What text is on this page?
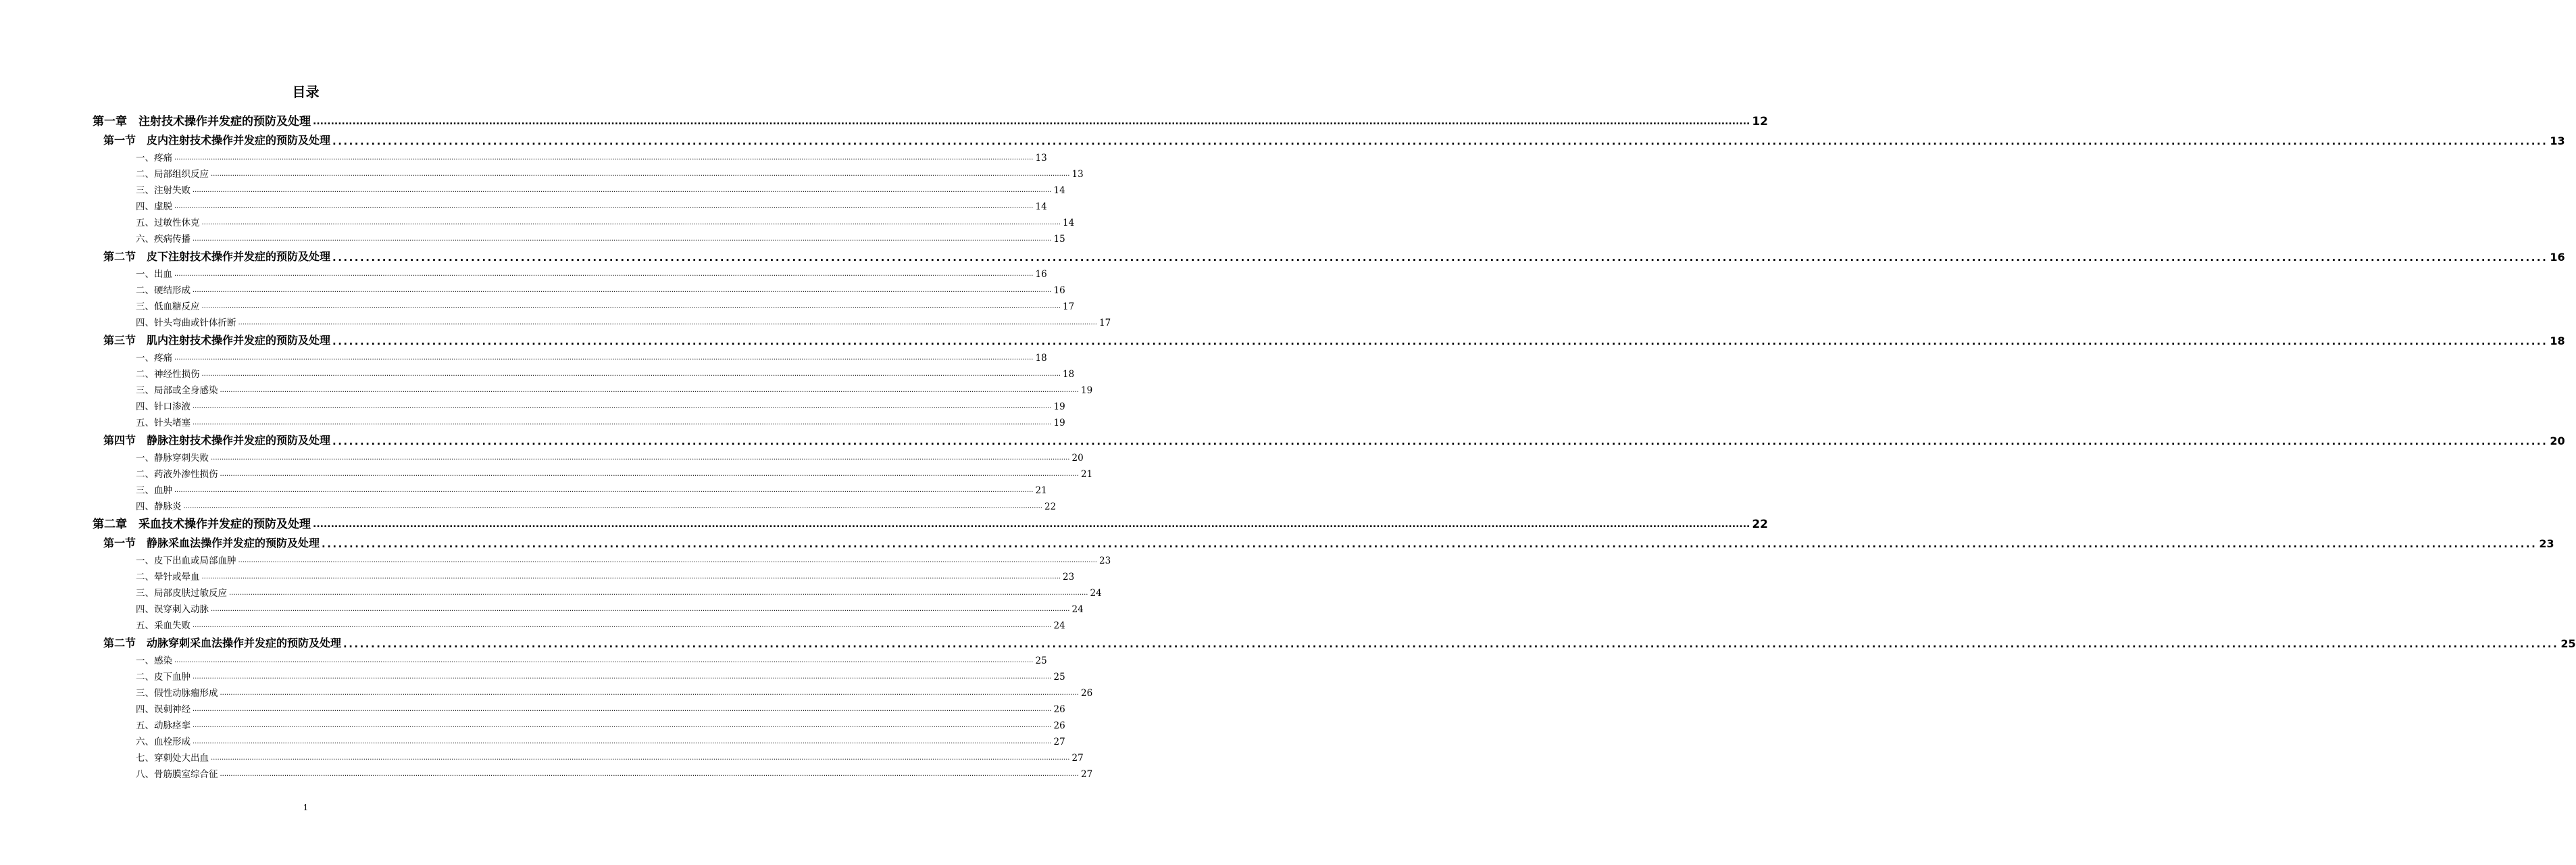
目录
第一章　注射技术操作并发症的预防及处理 ................................................................................................................................................................................................................................................................................................................................................................................................................ 12
第一节　皮内注射技术操作并发症的预防及处理 ................................................................................................................................................................................................................................................................................................................................................................................................................ 13
一、疼痛 ................................................................................................................................................................................................................................................................................................................................................................................................................ 13
二、局部组织反应 ................................................................................................................................................................................................................................................................................................................................................................................................................ 13
三、注射失败 ................................................................................................................................................................................................................................................................................................................................................................................................................ 14
四、虚脱 ................................................................................................................................................................................................................................................................................................................................................................................................................ 14
五、过敏性休克 ................................................................................................................................................................................................................................................................................................................................................................................................................ 14
六、疾病传播 ................................................................................................................................................................................................................................................................................................................................................................................................................ 15
第二节　皮下注射技术操作并发症的预防及处理 ................................................................................................................................................................................................................................................................................................................................................................................................................ 16
一、出血 ................................................................................................................................................................................................................................................................................................................................................................................................................ 16
二、硬结形成 ................................................................................................................................................................................................................................................................................................................................................................................................................ 16
三、低血糖反应 ................................................................................................................................................................................................................................................................................................................................................................................................................ 17
四、针头弯曲或针体折断 ................................................................................................................................................................................................................................................................................................................................................................................................................ 17
第三节　肌内注射技术操作并发症的预防及处理 ................................................................................................................................................................................................................................................................................................................................................................................................................ 18
一、疼痛 ................................................................................................................................................................................................................................................................................................................................................................................................................ 18
二、神经性损伤 ................................................................................................................................................................................................................................................................................................................................................................................................................ 18
三、局部或全身感染 ................................................................................................................................................................................................................................................................................................................................................................................................................ 19
四、针口渗液 ................................................................................................................................................................................................................................................................................................................................................................................................................ 19
五、针头堵塞 ................................................................................................................................................................................................................................................................................................................................................................................................................ 19
第四节　静脉注射技术操作并发症的预防及处理 ................................................................................................................................................................................................................................................................................................................................................................................................................ 20
一、静脉穿刺失败 ................................................................................................................................................................................................................................................................................................................................................................................................................ 20
二、药液外渗性损伤 ................................................................................................................................................................................................................................................................................................................................................................................................................ 21
三、血肿 ................................................................................................................................................................................................................................................................................................................................................................................................................ 21
四、静脉炎 ................................................................................................................................................................................................................................................................................................................................................................................................................ 22
第二章　采血技术操作并发症的预防及处理 ................................................................................................................................................................................................................................................................................................................................................................................................................ 22
第一节　静脉采血法操作并发症的预防及处理 ................................................................................................................................................................................................................................................................................................................................................................................................................ 23
一、皮下出血或局部血肿 ................................................................................................................................................................................................................................................................................................................................................................................................................ 23
二、晕针或晕血 ................................................................................................................................................................................................................................................................................................................................................................................................................ 23
三、局部皮肤过敏反应 ................................................................................................................................................................................................................................................................................................................................................................................................................ 24
四、误穿刺入动脉 ................................................................................................................................................................................................................................................................................................................................................................................................................ 24
五、采血失败 ................................................................................................................................................................................................................................................................................................................................................................................................................ 24
第二节　动脉穿刺采血法操作并发症的预防及处理 ................................................................................................................................................................................................................................................................................................................................................................................................................ 25
一、感染 ................................................................................................................................................................................................................................................................................................................................................................................................................ 25
二、皮下血肿 ................................................................................................................................................................................................................................................................................................................................................................................................................ 25
三、假性动脉瘤形成 ................................................................................................................................................................................................................................................................................................................................................................................................................ 26
四、误刺神经 ................................................................................................................................................................................................................................................................................................................................................................................................................ 26
五、动脉痉挛 ................................................................................................................................................................................................................................................................................................................................................................................................................ 26
六、血栓形成 ................................................................................................................................................................................................................................................................................................................................................................................................................ 27
七、穿刺处大出血 ................................................................................................................................................................................................................................................................................................................................................................................................................ 27
八、骨筋膜室综合征 ................................................................................................................................................................................................................................................................................................................................................................................................................ 27
1
